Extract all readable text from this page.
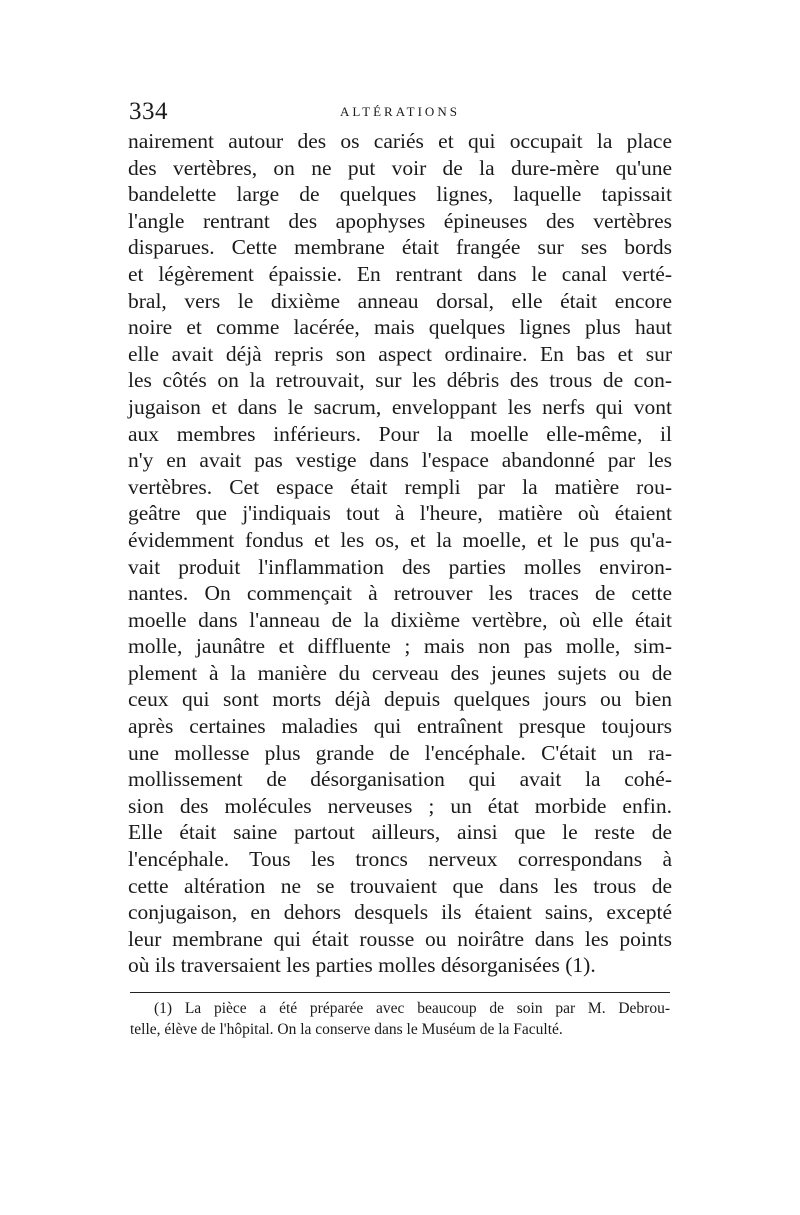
334	ALTÉRATIONS
nairement autour des os cariés et qui occupait la place
des vertèbres, on ne put voir de la dure-mère qu'une
bandelette large de quelques lignes, laquelle tapissait
l'angle rentrant des apophyses épineuses des vertèbres
disparues. Cette membrane était frangée sur ses bords
et légèrement épaissie. En rentrant dans le canal verté-
bral, vers le dixième anneau dorsal, elle était encore
noire et comme lacérée, mais quelques lignes plus haut
elle avait déjà repris son aspect ordinaire. En bas et sur
les côtés on la retrouvait, sur les débris des trous de con-
jugaison et dans le sacrum, enveloppant les nerfs qui vont
aux membres inférieurs. Pour la moelle elle-même, il
n'y en avait pas vestige dans l'espace abandonné par les
vertèbres. Cet espace était rempli par la matière rou-
geâtre que j'indiquais tout à l'heure, matière où étaient
évidemment fondus et les os, et la moelle, et le pus qu'a-
vait produit l'inflammation des parties molles environ-
nantes. On commençait à retrouver les traces de cette
moelle dans l'anneau de la dixième vertèbre, où elle était
molle, jaunâtre et diffluente ; mais non pas molle, sim-
plement à la manière du cerveau des jeunes sujets ou de
ceux qui sont morts déjà depuis quelques jours ou bien
après certaines maladies qui entraînent presque toujours
une mollesse plus grande de l'encéphale. C'était un ra-
mollissement de désorganisation qui avait la cohé-
sion des molécules nerveuses ; un état morbide enfin.
Elle était saine partout ailleurs, ainsi que le reste de
l'encéphale. Tous les troncs nerveux correspondans à
cette altération ne se trouvaient que dans les trous de
conjugaison, en dehors desquels ils étaient sains, excepté
leur membrane qui était rousse ou noirâtre dans les points
où ils traversaient les parties molles désorganisées (1).
(1) La pièce a été préparée avec beaucoup de soin par M. Debrou-
telle, élève de l'hôpital. On la conserve dans le Muséum de la Faculté.
